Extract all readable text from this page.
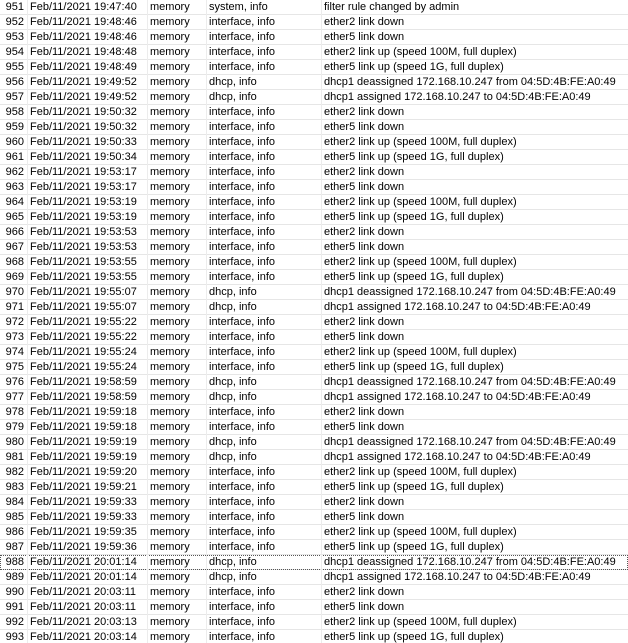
951 Feb/11/2021 19:47:40	memory	system, info	filter rule changed by admin
952 Feb/11/2021 19:48:46	memory	interface, info	ether2 link down
953 Feb/11/2021 19:48:46	memory	interface, info	ether5 link down
954 Feb/11/2021 19:48:48	memory	interface, info	ether2 link up (speed 100M, full duplex)
955 Feb/11/2021 19:48:49	memory	interface, info	ether5 link up (speed 1G, full duplex)
956 Feb/11/2021 19:49:52	memory	dhcp, info	dhcp1 deassigned 172.168.10.247 from 04:5D:4B:FE:A0:49
957 Feb/11/2021 19:49:52	memory	dhcp, info	dhcp1 assigned 172.168.10.247 to 04:5D:4B:FE:A0:49
958 Feb/11/2021 19:50:32	memory	interface, info	ether2 link down
959 Feb/11/2021 19:50:32	memory	interface, info	ether5 link down
960 Feb/11/2021 19:50:33	memory	interface, info	ether2 link up (speed 100M, full duplex)
961 Feb/11/2021 19:50:34	memory	interface, info	ether5 link up (speed 1G, full duplex)
962 Feb/11/2021 19:53:17	memory	interface, info	ether2 link down
963 Feb/11/2021 19:53:17	memory	interface, info	ether5 link down
964 Feb/11/2021 19:53:19	memory	interface, info	ether2 link up (speed 100M, full duplex)
965 Feb/11/2021 19:53:19	memory	interface, info	ether5 link up (speed 1G, full duplex)
966 Feb/11/2021 19:53:53	memory	interface, info	ether2 link down
967 Feb/11/2021 19:53:53	memory	interface, info	ether5 link down
968 Feb/11/2021 19:53:55	memory	interface, info	ether2 link up (speed 100M, full duplex)
969 Feb/11/2021 19:53:55	memory	interface, info	ether5 link up (speed 1G, full duplex)
970 Feb/11/2021 19:55:07	memory	dhcp, info	dhcp1 deassigned 172.168.10.247 from 04:5D:4B:FE:A0:49
971 Feb/11/2021 19:55:07	memory	dhcp, info	dhcp1 assigned 172.168.10.247 to 04:5D:4B:FE:A0:49
972 Feb/11/2021 19:55:22	memory	interface, info	ether2 link down
973 Feb/11/2021 19:55:22	memory	interface, info	ether5 link down
974 Feb/11/2021 19:55:24	memory	interface, info	ether2 link up (speed 100M, full duplex)
975 Feb/11/2021 19:55:24	memory	interface, info	ether5 link up (speed 1G, full duplex)
976 Feb/11/2021 19:58:59	memory	dhcp, info	dhcp1 deassigned 172.168.10.247 from 04:5D:4B:FE:A0:49
977 Feb/11/2021 19:58:59	memory	dhcp, info	dhcp1 assigned 172.168.10.247 to 04:5D:4B:FE:A0:49
978 Feb/11/2021 19:59:18	memory	interface, info	ether2 link down
979 Feb/11/2021 19:59:18	memory	interface, info	ether5 link down
980 Feb/11/2021 19:59:19	memory	dhcp, info	dhcp1 deassigned 172.168.10.247 from 04:5D:4B:FE:A0:49
981 Feb/11/2021 19:59:19	memory	dhcp, info	dhcp1 assigned 172.168.10.247 to 04:5D:4B:FE:A0:49
982 Feb/11/2021 19:59:20	memory	interface, info	ether2 link up (speed 100M, full duplex)
983 Feb/11/2021 19:59:21	memory	interface, info	ether5 link up (speed 1G, full duplex)
984 Feb/11/2021 19:59:33	memory	interface, info	ether2 link down
985 Feb/11/2021 19:59:33	memory	interface, info	ether5 link down
986 Feb/11/2021 19:59:35	memory	interface, info	ether2 link up (speed 100M, full duplex)
987 Feb/11/2021 19:59:36	memory	interface, info	ether5 link up (speed 1G, full duplex)
988 Feb/11/2021 20:01:14	memory	dhcp, info	dhcp1 deassigned 172.168.10.247 from 04:5D:4B:FE:A0:49
989 Feb/11/2021 20:01:14	memory	dhcp, info	dhcp1 assigned 172.168.10.247 to 04:5D:4B:FE:A0:49
990 Feb/11/2021 20:03:11	memory	interface, info	ether2 link down
991 Feb/11/2021 20:03:11	memory	interface, info	ether5 link down
992 Feb/11/2021 20:03:13	memory	interface, info	ether2 link up (speed 100M, full duplex)
993 Feb/11/2021 20:03:14	memory	interface, info	ether5 link up (speed 1G, full duplex)
